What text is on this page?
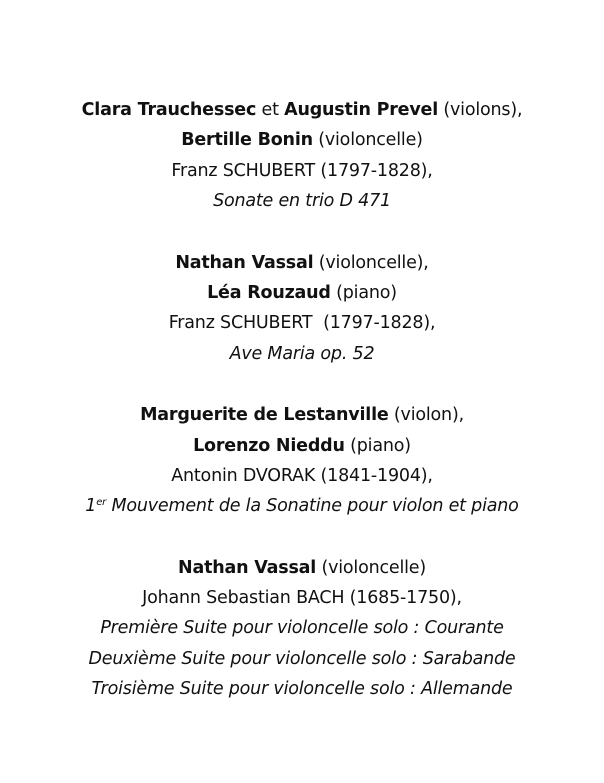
Clara Trauchessec et Augustin Prevel (violons),
Bertille Bonin (violoncelle)
Franz SCHUBERT (1797-1828),
Sonate en trio D 471
Nathan Vassal (violoncelle),
Léa Rouzaud (piano)
Franz SCHUBERT  (1797-1828),
Ave Maria op. 52
Marguerite de Lestanville (violon),
Lorenzo Nieddu (piano)
Antonin DVORAK (1841-1904),
1er Mouvement de la Sonatine pour violon et piano
Nathan Vassal (violoncelle)
Johann Sebastian BACH (1685-1750),
Première Suite pour violoncelle solo : Courante
Deuxième Suite pour violoncelle solo : Sarabande
Troisième Suite pour violoncelle solo : Allemande
